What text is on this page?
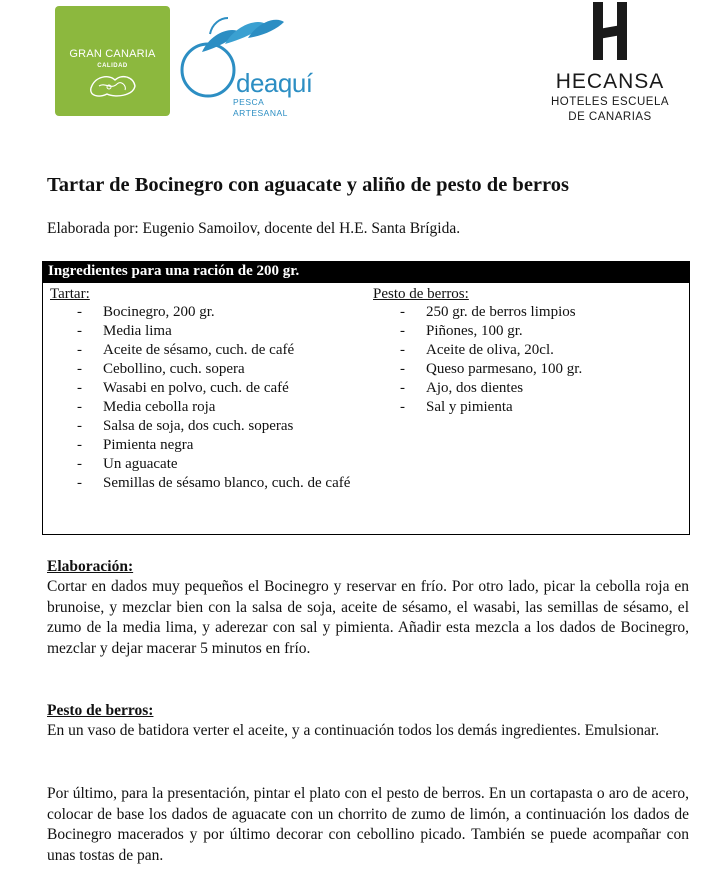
GRAN CANARIA
CALIDAD
deaquí
PESCA
ARTESANAL
HECANSA
HOTELES ESCUELA
DE CANARIAS
Tartar de Bocinegro con aguacate y aliño de pesto de berros
Elaborada por: Eugenio Samoilov, docente del H.E. Santa Brígida.
Ingredientes para una ración de 200 gr.
Tartar:
- Bocinegro, 200 gr.
- Media lima
- Aceite de sésamo, cuch. de café
- Cebollino, cuch. sopera
- Wasabi en polvo, cuch. de café
- Media cebolla roja
- Salsa de soja, dos cuch. soperas
- Pimienta negra
- Un aguacate
- Semillas de sésamo blanco, cuch. de café
Pesto de berros:
- 250 gr. de berros limpios
- Piñones, 100 gr.
- Aceite de oliva, 20cl.
- Queso parmesano, 100 gr.
- Ajo, dos dientes
- Sal y pimienta
Elaboración:
Cortar en dados muy pequeños el Bocinegro y reservar en frío. Por otro lado, picar la cebolla roja en brunoise, y mezclar bien con la salsa de soja, aceite de sésamo, el wasabi, las semillas de sésamo, el zumo de la media lima, y aderezar con sal y pimienta. Añadir esta mezcla a los dados de Bocinegro, mezclar y dejar macerar 5 minutos en frío.
Pesto de berros:
En un vaso de batidora verter el aceite, y a continuación todos los demás ingredientes. Emulsionar.
Por último, para la presentación, pintar el plato con el pesto de berros. En un cortapasta o aro de acero, colocar de base los dados de aguacate con un chorrito de zumo de limón, a continuación los dados de Bocinegro macerados y por último decorar con cebollino picado. También se puede acompañar con unas tostas de pan.
